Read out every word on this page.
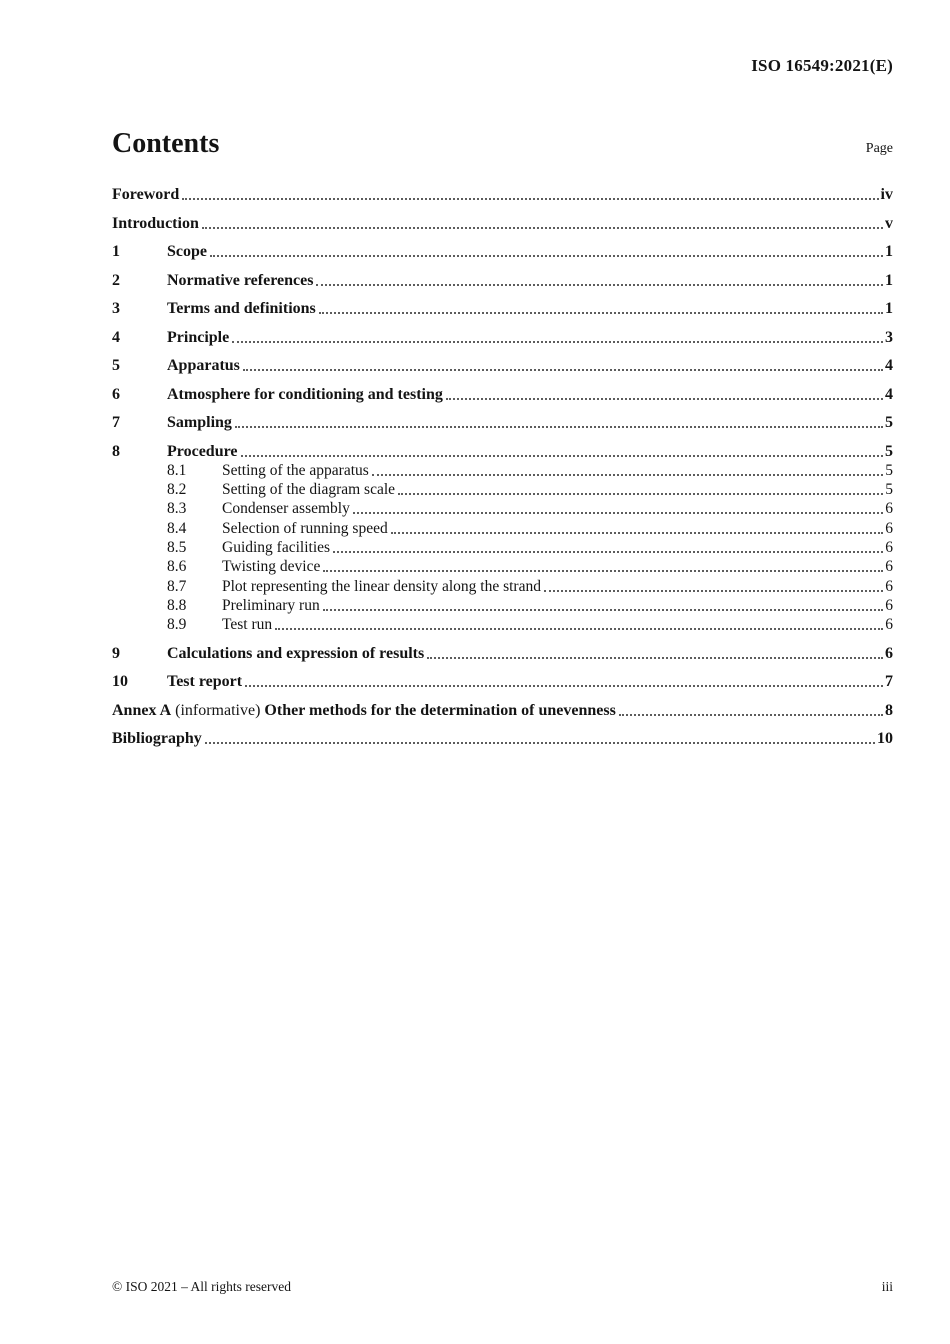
ISO 16549:2021(E)
Contents	Page
Foreword	iv
Introduction	v
1	Scope	1
2	Normative references	1
3	Terms and definitions	1
4	Principle	3
5	Apparatus	4
6	Atmosphere for conditioning and testing	4
7	Sampling	5
8	Procedure	5
8.1	Setting of the apparatus	5
8.2	Setting of the diagram scale	5
8.3	Condenser assembly	6
8.4	Selection of running speed	6
8.5	Guiding facilities	6
8.6	Twisting device	6
8.7	Plot representing the linear density along the strand	6
8.8	Preliminary run	6
8.9	Test run	6
9	Calculations and expression of results	6
10	Test report	7
Annex A (informative) Other methods for the determination of unevenness	8
Bibliography	10
© ISO 2021 – All rights reserved	iii
